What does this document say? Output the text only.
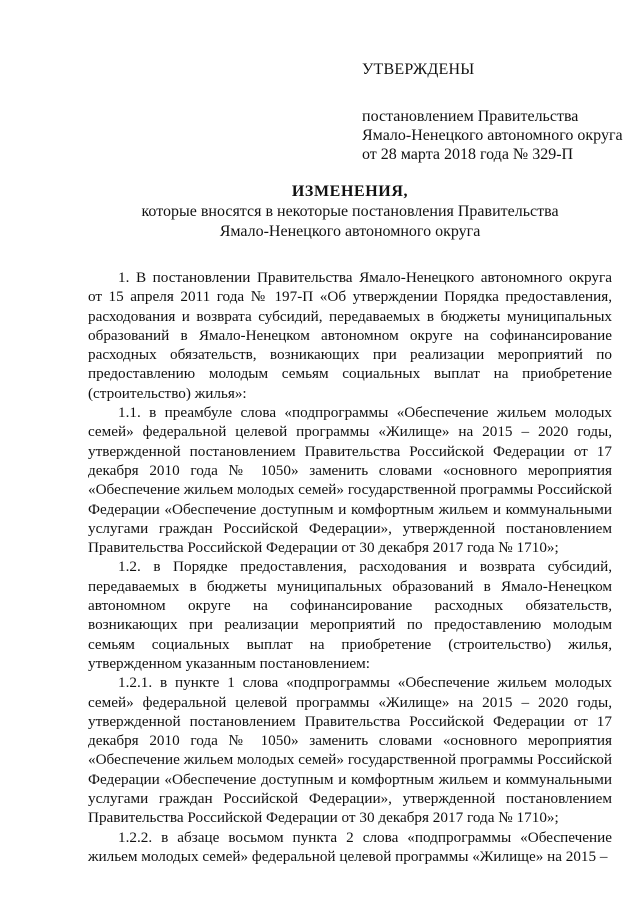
УТВЕРЖДЕНЫ
постановлением Правительства
Ямало-Ненецкого автономного округа
от 28 марта 2018 года № 329-П
ИЗМЕНЕНИЯ,
которые вносятся в некоторые постановления Правительства
Ямало-Ненецкого автономного округа

1. В постановлении Правительства Ямало-Ненецкого автономного округа от 15 апреля 2011 года № 197-П «Об утверждении Порядка предоставления, расходования и возврата субсидий, передаваемых в бюджеты муниципальных образований в Ямало-Ненецком автономном округе на софинансирование расходных обязательств, возникающих при реализации мероприятий по предоставлению молодым семьям социальных выплат на приобретение (строительство) жилья»:

1.1. в преамбуле слова «подпрограммы «Обеспечение жильем молодых семей» федеральной целевой программы «Жилище» на 2015 – 2020 годы, утвержденной постановлением Правительства Российской Федерации от 17 декабря 2010 года № 1050» заменить словами «основного мероприятия «Обеспечение жильем молодых семей» государственной программы Российской Федерации «Обеспечение доступным и комфортным жильем и коммунальными услугами граждан Российской Федерации», утвержденной постановлением Правительства Российской Федерации от 30 декабря 2017 года № 1710»;

1.2. в Порядке предоставления, расходования и возврата субсидий, передаваемых в бюджеты муниципальных образований в Ямало-Ненецком автономном округе на софинансирование расходных обязательств, возникающих при реализации мероприятий по предоставлению молодым семьям социальных выплат на приобретение (строительство) жилья, утвержденном указанным постановлением:

1.2.1. в пункте 1 слова «подпрограммы «Обеспечение жильем молодых семей» федеральной целевой программы «Жилище» на 2015 – 2020 годы, утвержденной постановлением Правительства Российской Федерации от 17 декабря 2010 года № 1050» заменить словами «основного мероприятия «Обеспечение жильем молодых семей» государственной программы Российской Федерации «Обеспечение доступным и комфортным жильем и коммунальными услугами граждан Российской Федерации», утвержденной постановлением Правительства Российской Федерации от 30 декабря 2017 года № 1710»;

1.2.2. в абзаце восьмом пункта 2 слова «подпрограммы «Обеспечение жильем молодых семей» федеральной целевой программы «Жилище» на 2015 –
